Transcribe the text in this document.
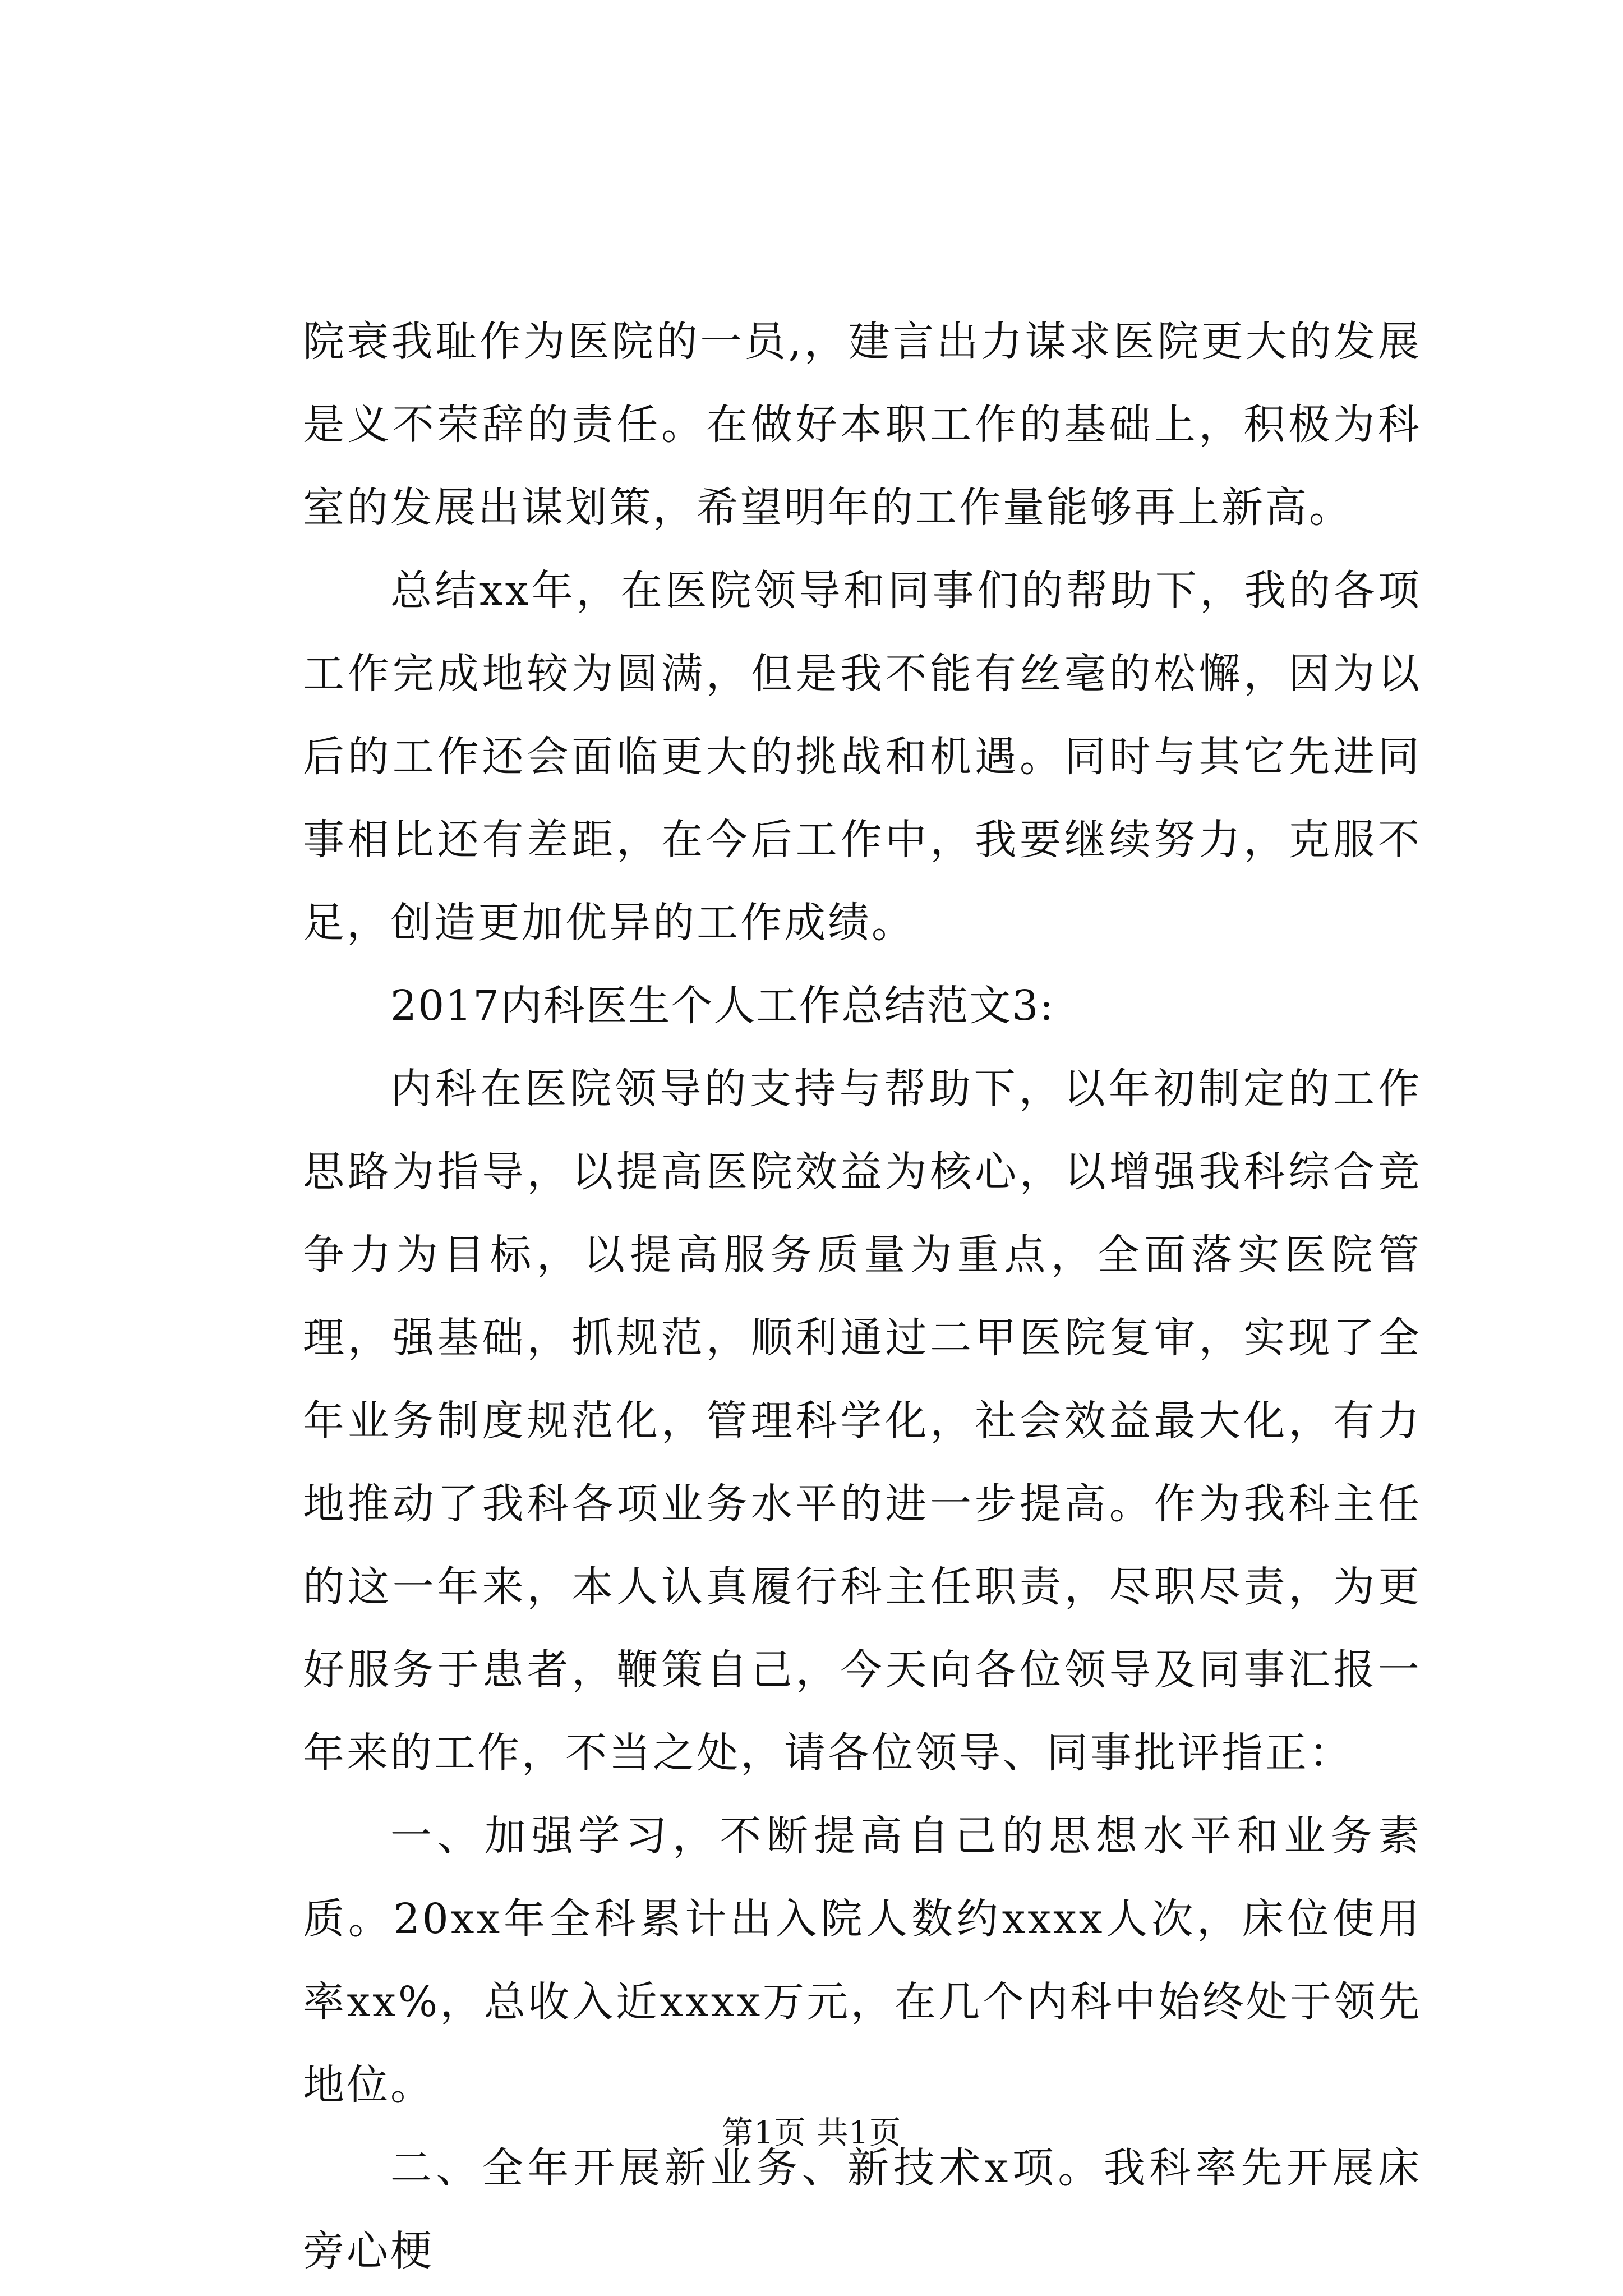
院衰我耻作为医院的一员,，建言出力谋求医院更大的发展是义不荣辞的责任。在做好本职工作的基础上，积极为科室的发展出谋划策，希望明年的工作量能够再上新高。

总结xx年，在医院领导和同事们的帮助下，我的各项工作完成地较为圆满，但是我不能有丝毫的松懈，因为以后的工作还会面临更大的挑战和机遇。同时与其它先进同事相比还有差距，在今后工作中，我要继续努力，克服不足，创造更加优异的工作成绩。

2017内科医生个人工作总结范文3:

内科在医院领导的支持与帮助下，以年初制定的工作思路为指导，以提高医院效益为核心，以增强我科综合竞争力为目标，以提高服务质量为重点，全面落实医院管理，强基础，抓规范，顺利通过二甲医院复审，实现了全年业务制度规范化，管理科学化，社会效益最大化，有力地推动了我科各项业务水平的进一步提高。作为我科主任的这一年来，本人认真履行科主任职责，尽职尽责，为更好服务于患者，鞭策自己，今天向各位领导及同事汇报一年来的工作，不当之处，请各位领导、同事批评指正：

一、加强学习，不断提高自己的思想水平和业务素质。20xx年全科累计出入院人数约xxxx人次，床位使用率xx%，总收入近xxxx万元，在几个内科中始终处于领先地位。

二、全年开展新业务、新技术x项。我科率先开展床旁心梗

第1页 共1页
